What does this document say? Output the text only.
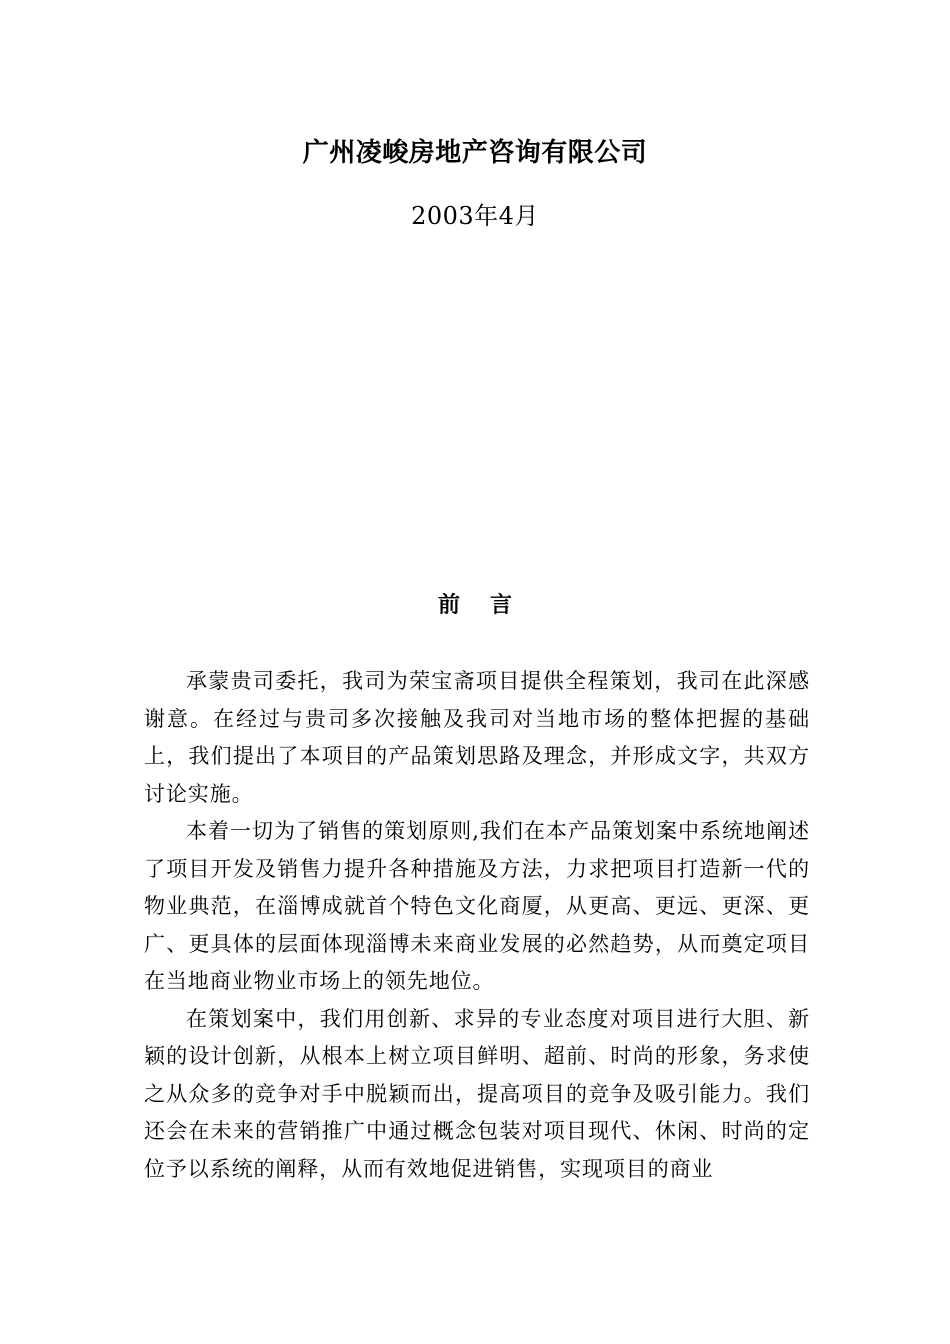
广州凌峻房地产咨询有限公司
2003年4月
前言

承蒙贵司委托，我司为荣宝斋项目提供全程策划，我司在此深感谢意。在经过与贵司多次接触及我司对当地市场的整体把握的基础上，我们提出了本项目的产品策划思路及理念，并形成文字，共双方讨论实施。

本着一切为了销售的策划原则,我们在本产品策划案中系统地阐述了项目开发及销售力提升各种措施及方法，力求把项目打造新一代的物业典范，在淄博成就首个特色文化商厦，从更高、更远、更深、更广、更具体的层面体现淄博未来商业发展的必然趋势，从而奠定项目在当地商业物业市场上的领先地位。

在策划案中，我们用创新、求异的专业态度对项目进行大胆、新颖的设计创新，从根本上树立项目鲜明、超前、时尚的形象，务求使之从众多的竞争对手中脱颖而出，提高项目的竞争及吸引能力。我们还会在未来的营销推广中通过概念包装对项目现代、休闲、时尚的定位予以系统的阐释，从而有效地促进销售，实现项目的商业
